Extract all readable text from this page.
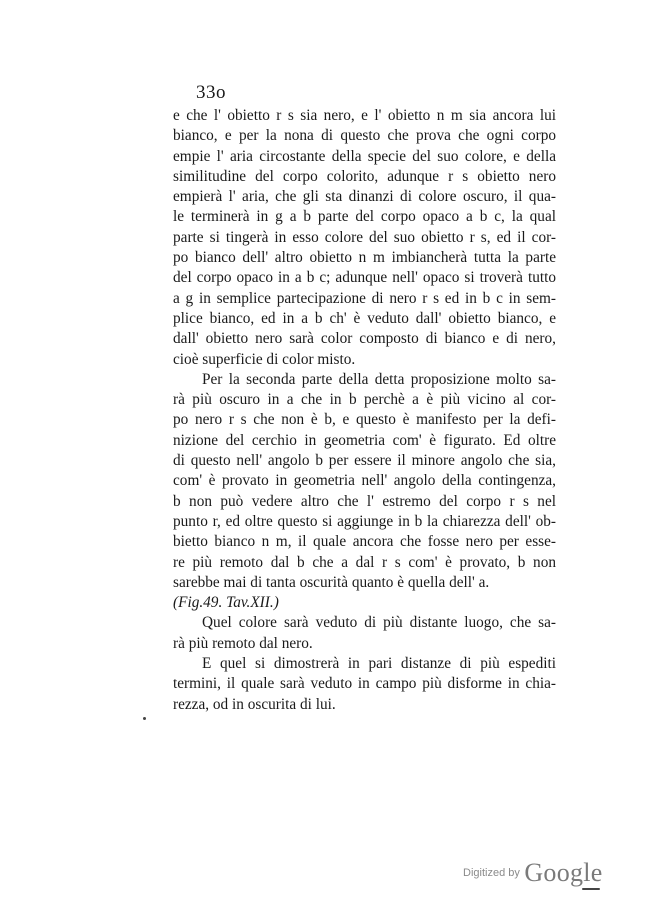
33o
e che l' obietto r s sia nero, e l' obietto n m sia ancora lui
bianco, e per la nona di questo che prova che ogni corpo
empie l' aria circostante della specie del suo colore, e della
similitudine del corpo colorito, adunque r s obietto nero
empierà l' aria, che gli sta dinanzi di colore oscuro, il qua-
le terminerà in g a b parte del corpo opaco a b c, la qual
parte si tingerà in esso colore del suo obietto r s, ed il cor-
po bianco dell' altro obietto n m imbiancherà tutta la parte
del corpo opaco in a b c; adunque nell' opaco si troverà tutto
a g in semplice partecipazione di nero r s ed in b c in sem-
plice bianco, ed in a b ch' è veduto dall' obietto bianco, e
dall' obietto nero sarà color composto di bianco e di nero,
cioè superficie di color misto.
Per la seconda parte della detta proposizione molto sa-
rà più oscuro in a che in b perchè a è più vicino al cor-
po nero r s che non è b, e questo è manifesto per la defi-
nizione del cerchio in geometria com' è figurato. Ed oltre
di questo nell' angolo b per essere il minore angolo che sia,
com' è provato in geometria nell' angolo della contingenza,
b non può vedere altro che l' estremo del corpo r s nel
punto r, ed oltre questo si aggiunge in b la chiarezza dell' ob-
bietto bianco n m, il quale ancora che fosse nero per esse-
re più remoto dal b che a dal r s com' è provato, b non
sarebbe mai di tanta oscurità quanto è quella dell' a.
(Fig.49. Tav.XII.)
Quel colore sarà veduto di più distante luogo, che sa-
rà più remoto dal nero.
E quel si dimostrerà in pari distanze di più espediti
termini, il quale sarà veduto in campo più disforme in chia-
rezza, od in oscurita di lui.
Digitized by Google
